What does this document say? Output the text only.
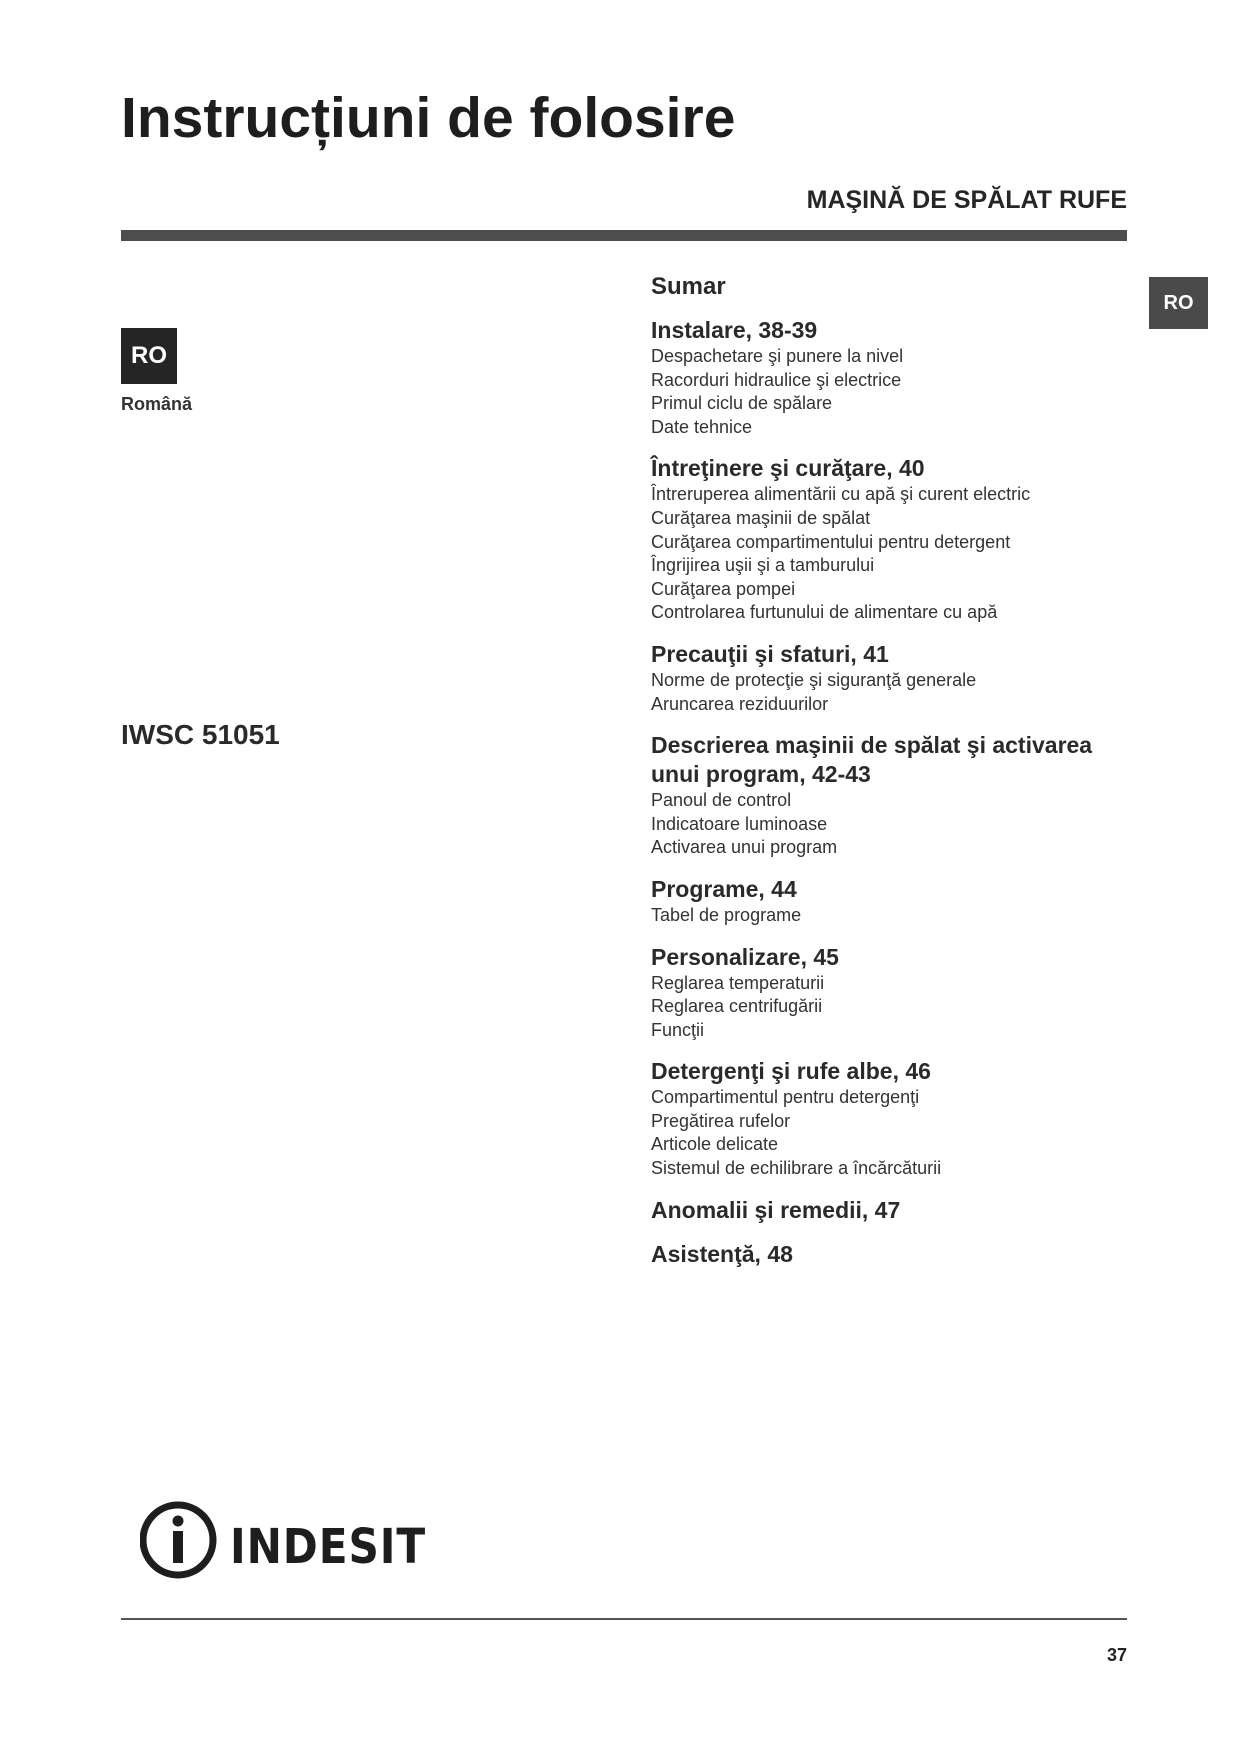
Instrucțiuni de folosire
MAŞINĂ DE SPĂLAT RUFE
RO
Română
RO
IWSC 51051
Sumar
Instalare, 38-39
Despachetare şi punere la nivel
Racorduri hidraulice şi electrice
Primul ciclu de spălare
Date tehnice
Întreţinere şi curăţare, 40
Întreruperea alimentării cu apă şi curent electric
Curăţarea maşinii de spălat
Curăţarea compartimentului pentru detergent
Îngrijirea uşii şi a tamburului
Curăţarea pompei
Controlarea furtunului de alimentare cu apă
Precauţii şi sfaturi, 41
Norme de protecţie şi siguranţă generale
Aruncarea reziduurilor
Descrierea maşinii de spălat şi activarea unui program, 42-43
Panoul de control
Indicatoare luminoase
Activarea unui program
Programe, 44
Tabel de programe
Personalizare, 45
Reglarea temperaturii
Reglarea centrifugării
Funcţii
Detergenţi şi rufe albe, 46
Compartimentul pentru detergenţi
Pregătirea rufelor
Articole delicate
Sistemul de echilibrare a încărcăturii
Anomalii şi remedii, 47
Asistenţă, 48
INDESIT
37
